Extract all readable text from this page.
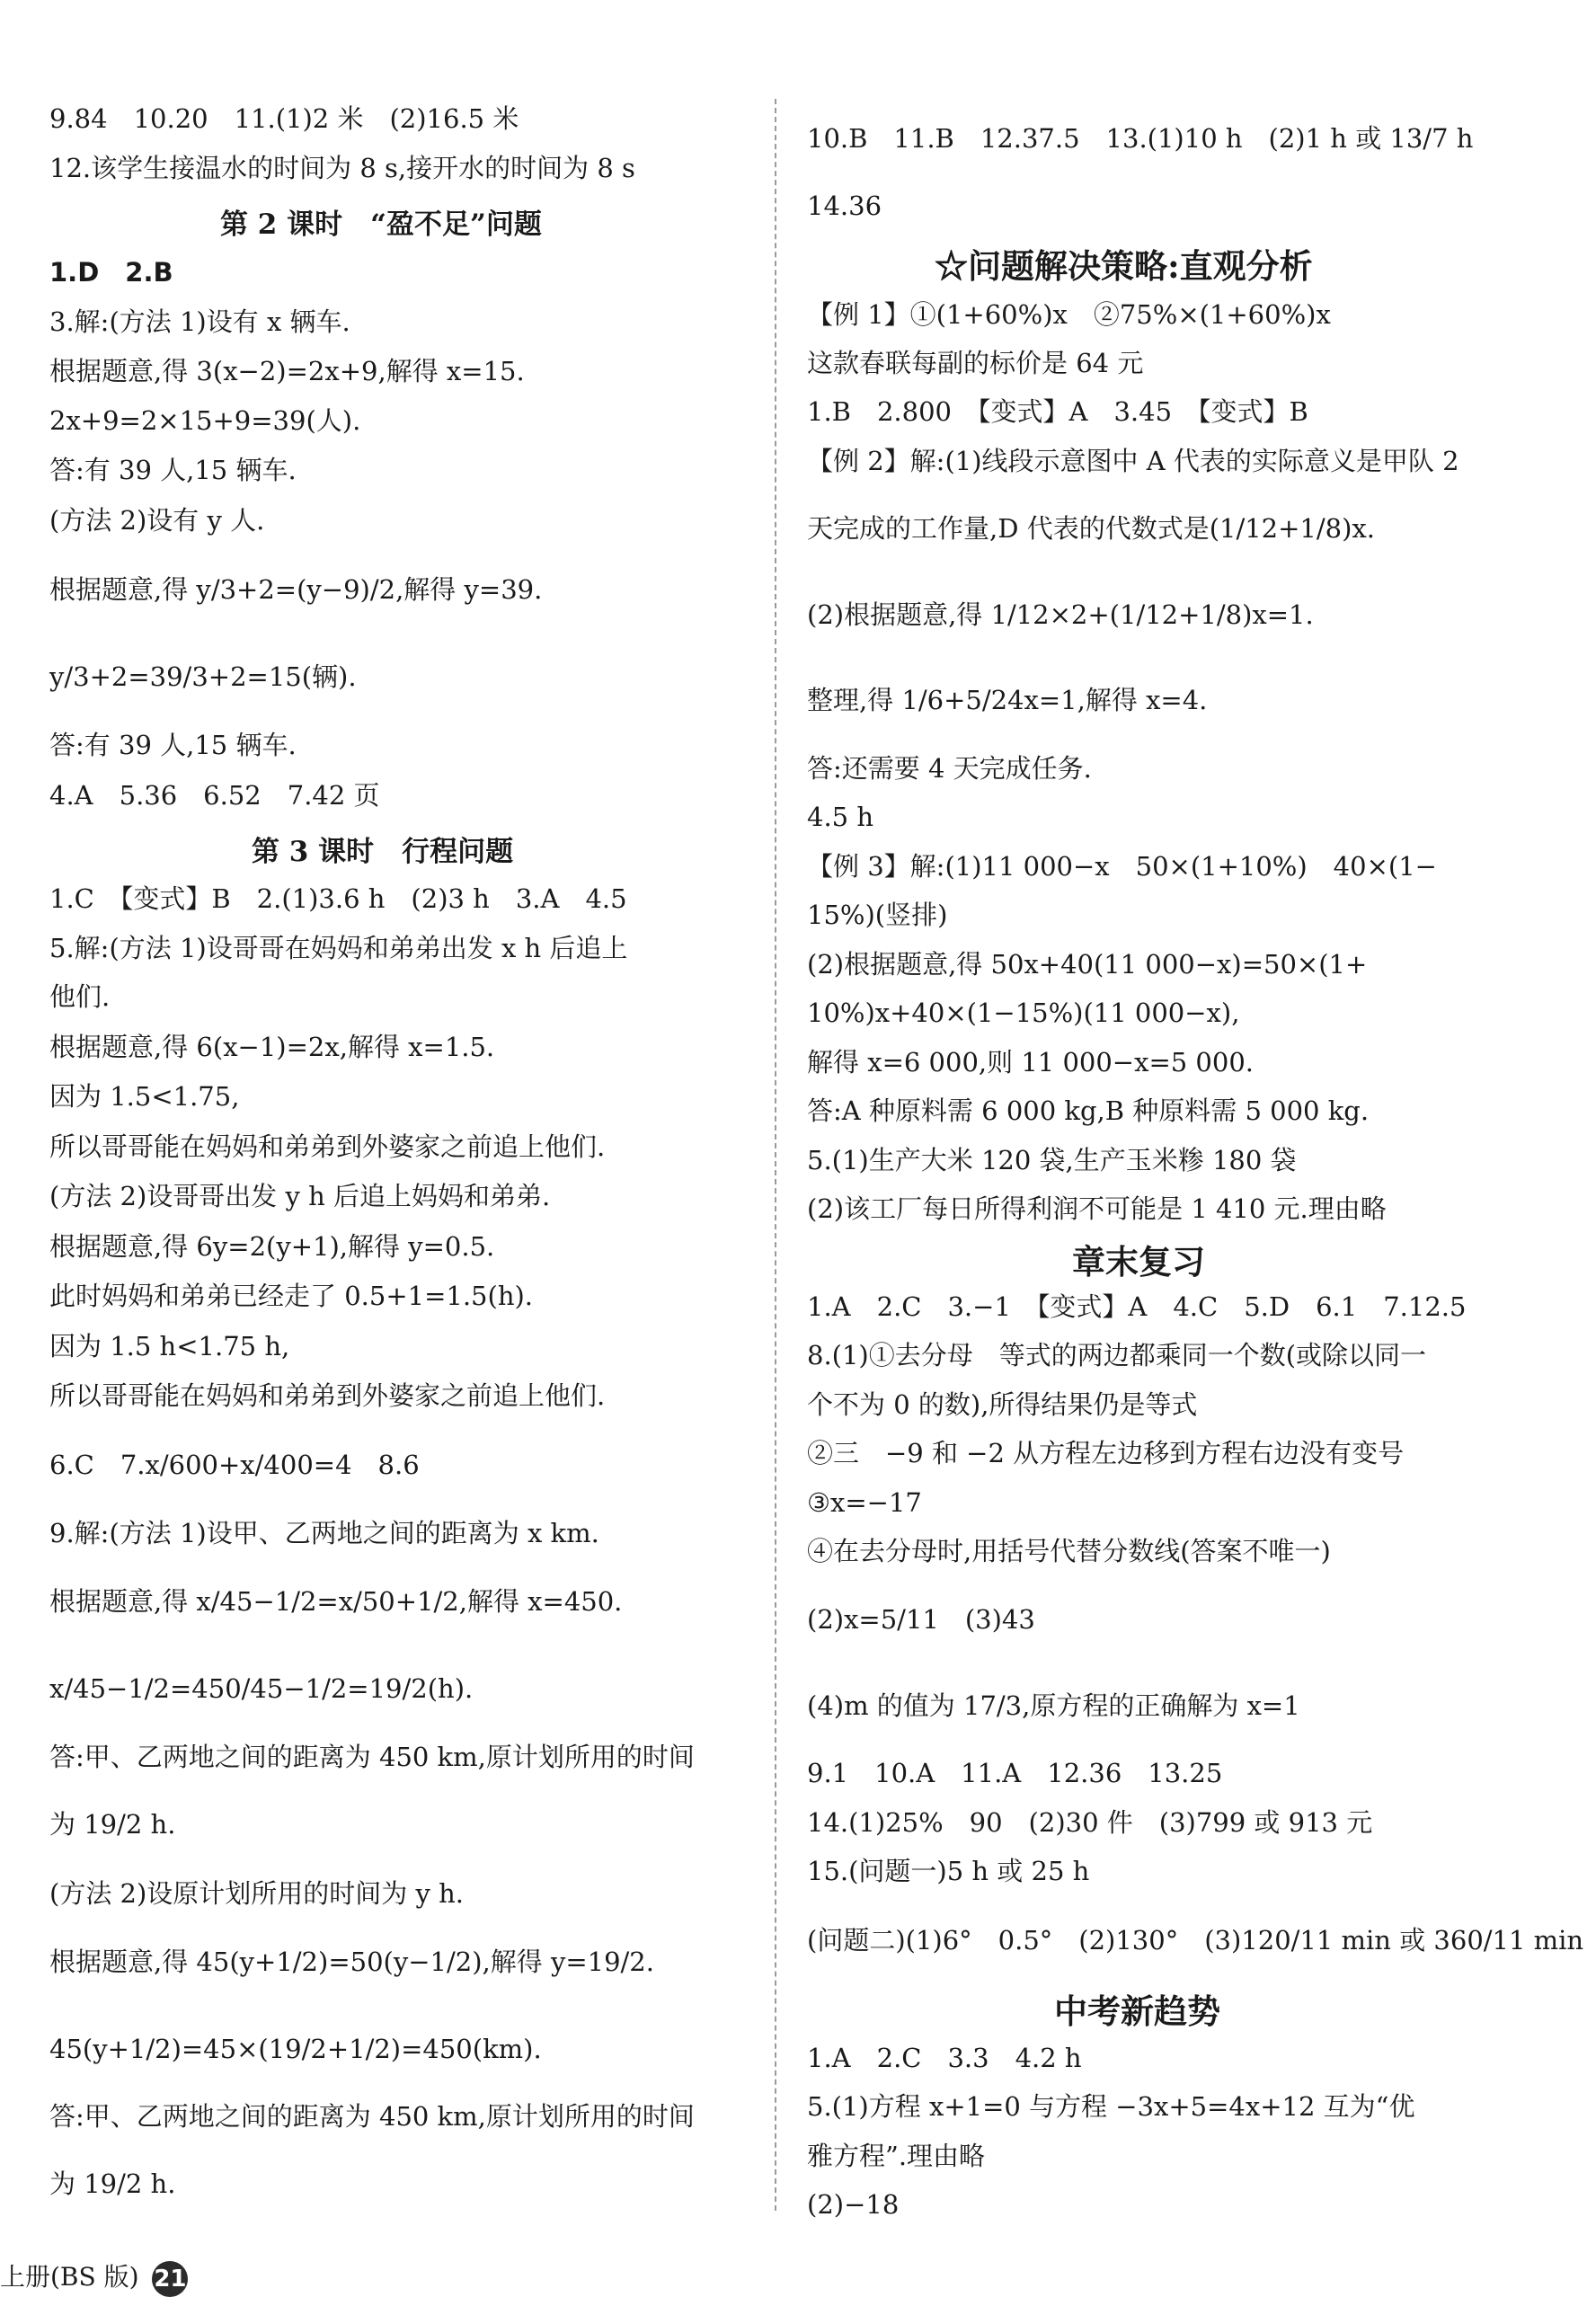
9.84　10.20　11.(1)2 米　(2)16.5 米
12.该学生接温水的时间为 8 s,接开水的时间为 8 s
第 2 课时　“盈不足”问题
1.D　2.B
3.解:(方法 1)设有 x 辆车.
根据题意,得 3(x−2)=2x+9,解得 x=15.
2x+9=2×15+9=39(人).
答:有 39 人,15 辆车.
(方法 2)设有 y 人.
根据题意,得 y/3+2=(y−9)/2,解得 y=39.
y/3+2=39/3+2=15(辆).
答:有 39 人,15 辆车.
4.A　5.36　6.52　7.42 页
第 3 课时　行程问题
1.C　【变式】B　2.(1)3.6 h　(2)3 h　3.A　4.5
5.解:(方法 1)设哥哥在妈妈和弟弟出发 x h 后追上
他们.
根据题意,得 6(x−1)=2x,解得 x=1.5.
因为 1.5<1.75,
所以哥哥能在妈妈和弟弟到外婆家之前追上他们.
(方法 2)设哥哥出发 y h 后追上妈妈和弟弟.
根据题意,得 6y=2(y+1),解得 y=0.5.
此时妈妈和弟弟已经走了 0.5+1=1.5(h).
因为 1.5 h<1.75 h,
所以哥哥能在妈妈和弟弟到外婆家之前追上他们.
6.C　7.x/600+x/400=4　8.6
9.解:(方法 1)设甲、乙两地之间的距离为 x km.
根据题意,得 x/45−1/2=x/50+1/2,解得 x=450.
x/45−1/2=450/45−1/2=19/2(h).
答:甲、乙两地之间的距离为 450 km,原计划所用的时间
为 19/2 h.
(方法 2)设原计划所用的时间为 y h.
根据题意,得 45(y+1/2)=50(y−1/2),解得 y=19/2.
45(y+1/2)=45×(19/2+1/2)=450(km).
答:甲、乙两地之间的距离为 450 km,原计划所用的时间
为 19/2 h.
10.B　11.B　12.37.5　13.(1)10 h　(2)1 h 或 13/7 h
14.36
☆问题解决策略:直观分析
【例 1】①(1+60%)x　②75%×(1+60%)x
这款春联每副的标价是 64 元
1.B　2.800　【变式】A　3.45　【变式】B
【例 2】解:(1)线段示意图中 A 代表的实际意义是甲队 2
天完成的工作量,D 代表的代数式是(1/12+1/8)x.
(2)根据题意,得 1/12×2+(1/12+1/8)x=1.
整理,得 1/6+5/24x=1,解得 x=4.
答:还需要 4 天完成任务.
4.5 h
【例 3】解:(1)11 000−x　50×(1+10%)　40×(1−
15%)(竖排)
(2)根据题意,得 50x+40(11 000−x)=50×(1+
10%)x+40×(1−15%)(11 000−x),
解得 x=6 000,则 11 000−x=5 000.
答:A 种原料需 6 000 kg,B 种原料需 5 000 kg.
5.(1)生产大米 120 袋,生产玉米糁 180 袋
(2)该工厂每日所得利润不可能是 1 410 元.理由略
章末复习
1.A　2.C　3.−1　【变式】A　4.C　5.D　6.1　7.12.5
8.(1)①去分母　等式的两边都乘同一个数(或除以同一
个不为 0 的数),所得结果仍是等式
②三　−9 和 −2 从方程左边移到方程右边没有变号
③x=−17
④在去分母时,用括号代替分数线(答案不唯一)
(2)x=5/11　(3)43
(4)m 的值为 17/3,原方程的正确解为 x=1
9.1　10.A　11.A　12.36　13.25
14.(1)25%　90　(2)30 件　(3)799 或 913 元
15.(问题一)5 h 或 25 h
(问题二)(1)6°　0.5°　(2)130°　(3)120/11 min 或 360/11 min
中考新趋势
1.A　2.C　3.3　4.2 h
5.(1)方程 x+1=0 与方程 −3x+5=4x+12 互为“优
雅方程”.理由略
(2)−18
上册(BS 版) 21
